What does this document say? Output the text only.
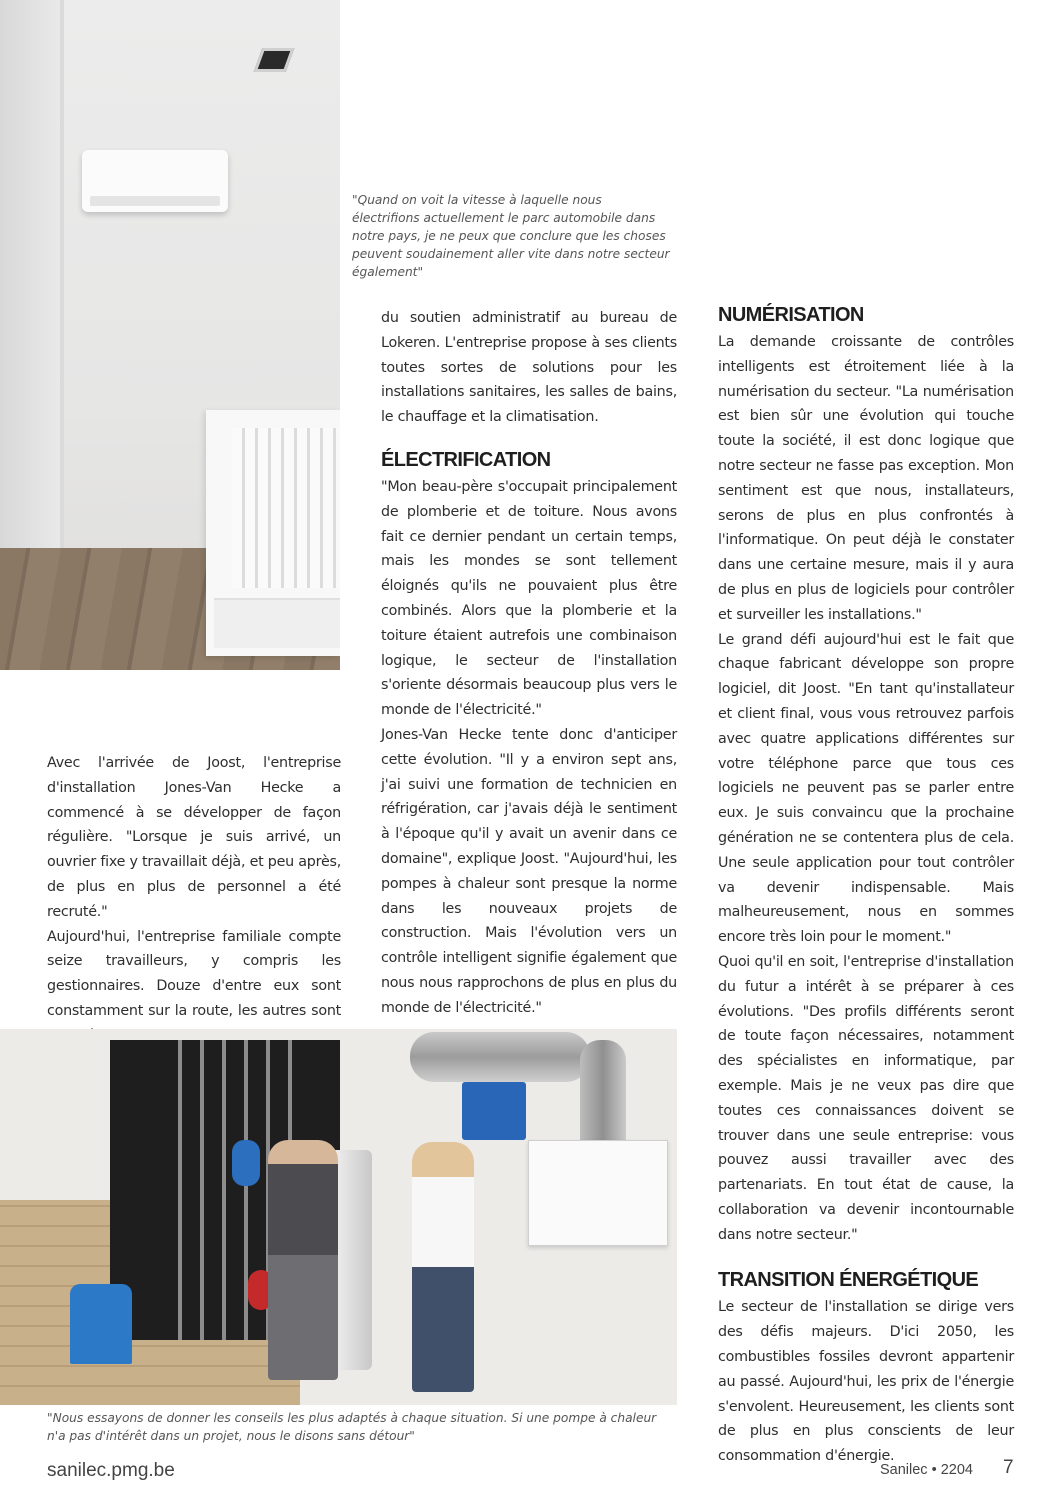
"Quand on voit la vitesse à laquelle nous électrifions actuellement le parc automobile dans notre pays, je ne peux que conclure que les choses peuvent soudainement aller vite dans notre secteur également"

Avec l'arrivée de Joost, l'entreprise d'installation Jones-Van Hecke a commencé à se développer de façon régulière. "Lorsque je suis arrivé, un ouvrier fixe y travaillait déjà, et peu après, de plus en plus de personnel a été recruté."

Aujourd'hui, l'entreprise familiale compte seize travailleurs, y compris les gestionnaires. Douze d'entre eux sont constamment sur la route, les autres sont

du soutien administratif au bureau de Lokeren. L'entreprise propose à ses clients toutes sortes de solutions pour les installations sanitaires, les salles de bains, le chauffage et la climatisation.

ÉLECTRIFICATION

"Mon beau-père s'occupait principalement de plomberie et de toiture. Nous avons fait ce dernier pendant un certain temps, mais les mondes se sont tellement éloignés qu'ils ne pouvaient plus être combinés. Alors que la plomberie et la toiture étaient autrefois une combinaison logique, le secteur de l'installation s'oriente désormais beaucoup plus vers le monde de l'électricité."

Jones-Van Hecke tente donc d'anticiper cette évolution. "Il y a environ sept ans, j'ai suivi une formation de technicien en réfrigération, car j'avais déjà le sentiment à l'époque qu'il y avait un avenir dans ce domaine", explique Joost. "Aujourd'hui, les pompes à chaleur sont presque la norme dans les nouveaux projets de construction. Mais l'évolution vers un contrôle intelligent signifie également que nous nous rapprochons de plus en plus du monde de l'électricité."

NUMÉRISATION

La demande croissante de contrôles intelligents est étroitement liée à la numérisation du secteur. "La numérisation est bien sûr une évolution qui touche toute la société, il est donc logique que notre secteur ne fasse pas exception. Mon sentiment est que nous, installateurs, serons de plus en plus confrontés à l'informatique. On peut déjà le constater dans une certaine mesure, mais il y aura de plus en plus de logiciels pour contrôler et surveiller les installations."

Le grand défi aujourd'hui est le fait que chaque fabricant développe son propre logiciel, dit Joost. "En tant qu'installateur et client final, vous vous retrouvez parfois avec quatre applications différentes sur votre téléphone parce que tous ces logiciels ne peuvent pas se parler entre eux. Je suis convaincu que la prochaine génération ne se contentera plus de cela. Une seule application pour tout contrôler va devenir indispensable. Mais malheureusement, nous en sommes encore très loin pour le moment."

Quoi qu'il en soit, l'entreprise d'installation du futur a intérêt à se préparer à ces évolutions. "Des profils différents seront de toute façon nécessaires, notamment des spécialistes en informatique, par exemple. Mais je ne veux pas dire que toutes ces connaissances doivent se trouver dans une seule entreprise: vous pouvez aussi travailler avec des partenariats. En tout état de cause, la collaboration va devenir incontournable dans notre secteur."

TRANSITION ÉNERGÉTIQUE

Le secteur de l'installation se dirige vers des défis majeurs. D'ici 2050, les combustibles fossiles devront appartenir au passé. Aujourd'hui, les prix de l'énergie s'envolent. Heureusement, les clients sont de plus en plus conscients de leur consommation d'énergie.

"Nous essayons de donner les conseils les plus adaptés à chaque situation. Si une pompe à chaleur n'a pas d'intérêt dans un projet, nous le disons sans détour"
sanilec.pmg.be	Sanilec • 2204 7
